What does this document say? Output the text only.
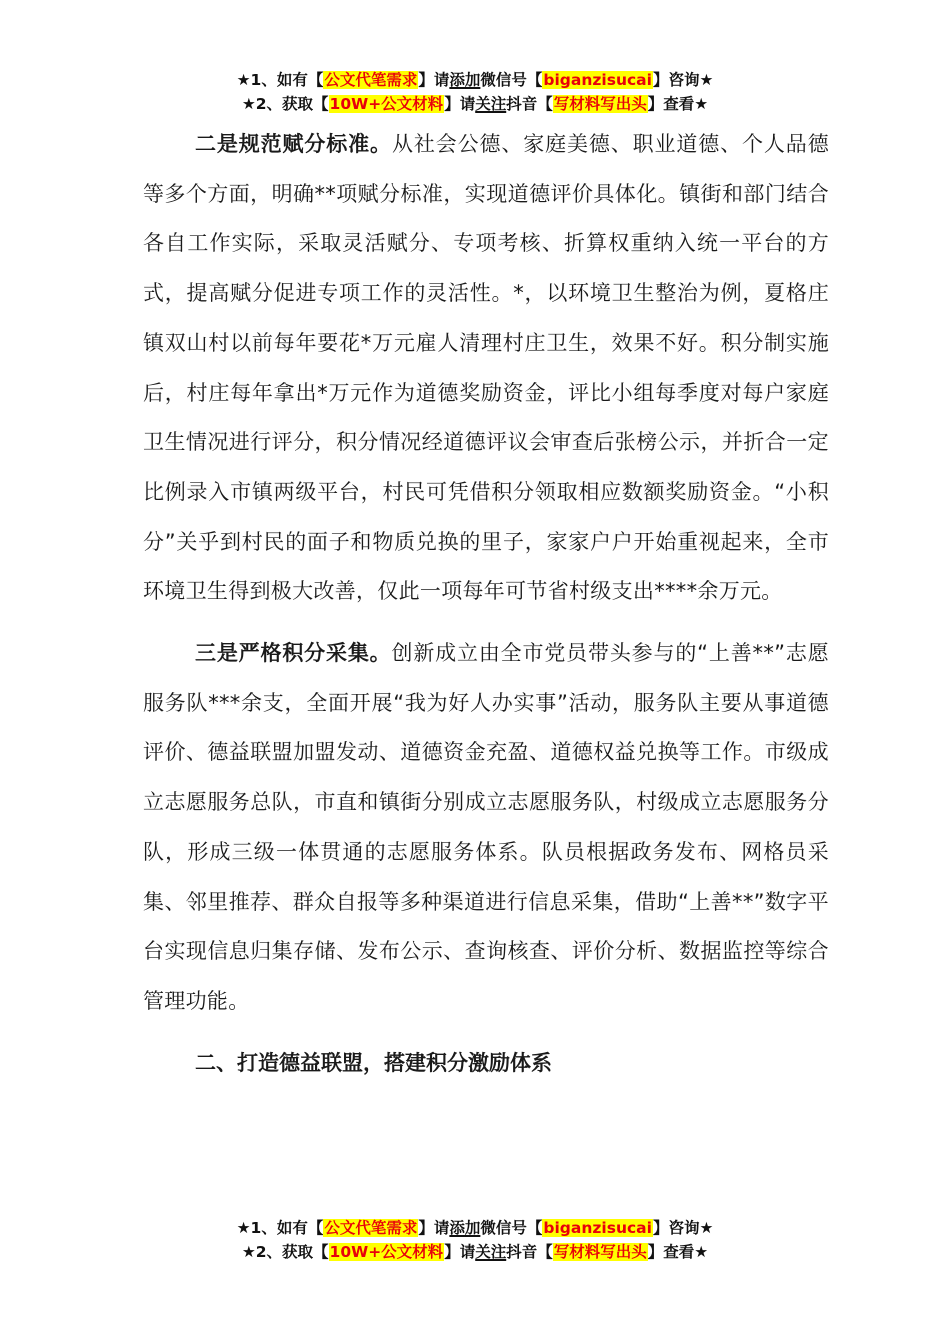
★1、如有【公文代笔需求】请添加微信号【biganzisucai】咨询★
★2、获取【10W+公文材料】请关注抖音【写材料写出头】查看★

二是规范赋分标准。从社会公德、家庭美德、职业道德、个人品德等多个方面，明确**项赋分标准，实现道德评价具体化。镇街和部门结合各自工作实际，采取灵活赋分、专项考核、折算权重纳入统一平台的方式，提高赋分促进专项工作的灵活性。*，以环境卫生整治为例，夏格庄镇双山村以前每年要花*万元雇人清理村庄卫生，效果不好。积分制实施后，村庄每年拿出*万元作为道德奖励资金，评比小组每季度对每户家庭卫生情况进行评分，积分情况经道德评议会审查后张榜公示，并折合一定比例录入市镇两级平台，村民可凭借积分领取相应数额奖励资金。“小积分”关乎到村民的面子和物质兑换的里子，家家户户开始重视起来，全市环境卫生得到极大改善，仅此一项每年可节省村级支出****余万元。

三是严格积分采集。创新成立由全市党员带头参与的“上善**”志愿服务队***余支，全面开展“我为好人办实事”活动，服务队主要从事道德评价、德益联盟加盟发动、道德资金充盈、道德权益兑换等工作。市级成立志愿服务总队，市直和镇街分别成立志愿服务队，村级成立志愿服务分队，形成三级一体贯通的志愿服务体系。队员根据政务发布、网格员采集、邻里推荐、群众自报等多种渠道进行信息采集，借助“上善**”数字平台实现信息归集存储、发布公示、查询核查、评价分析、数据监控等综合管理功能。

二、打造德益联盟，搭建积分激励体系

★1、如有【公文代笔需求】请添加微信号【biganzisucai】咨询★
★2、获取【10W+公文材料】请关注抖音【写材料写出头】查看★
